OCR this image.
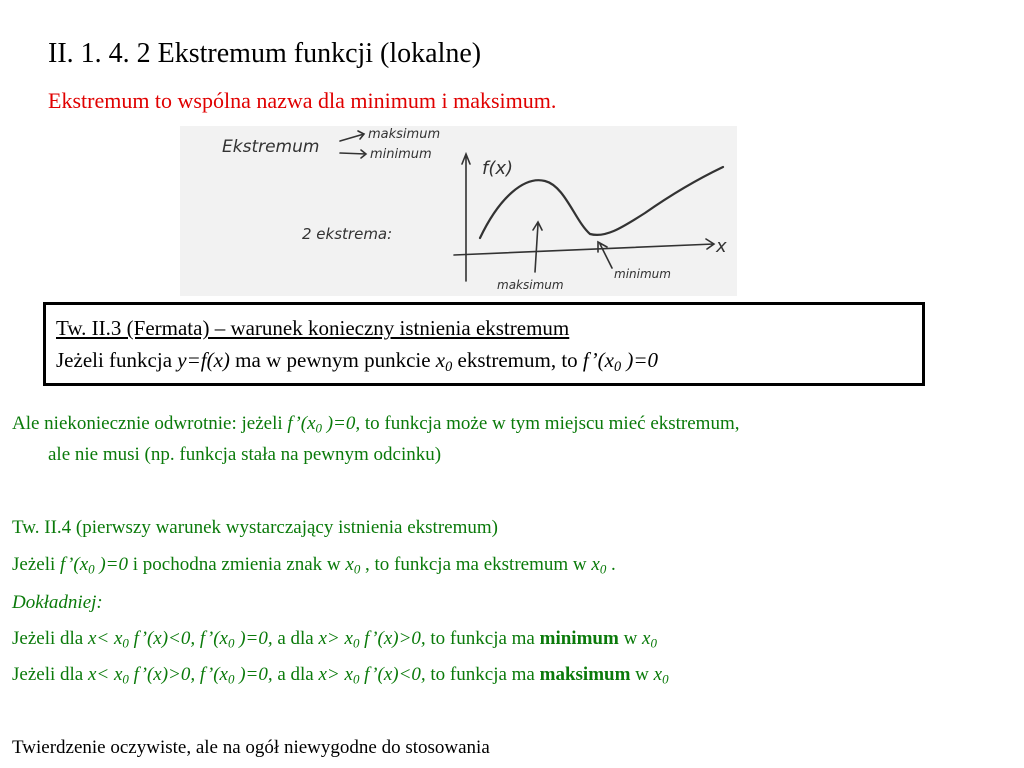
II. 1. 4. 2 Ekstremum funkcji (lokalne)
Ekstremum to wspólna nazwa dla minimum i maksimum.
Ekstremum
maksimum
minimum
f(x)
2 ekstrema:
x
maksimum
minimum
Tw. II.3 (Fermata) – warunek konieczny istnienia ekstremum
Jeżeli funkcja y=f(x) ma w pewnym punkcie $x_0$ ekstremum, to $f’(x_0$ )=0
Ale niekoniecznie odwrotnie: jeżeli $f’(x_0$ )=0, to funkcja może w tym miejscu mieć ekstremum,
ale nie musi (np. funkcja stała na pewnym odcinku)
Tw. II.4 (pierwszy warunek wystarczający istnienia ekstremum)
Jeżeli $f’(x_0$ )=0 i pochodna zmienia znak w $x_0$ , to funkcja ma ekstremum w $x_0$ .
Dokładniej:
Jeżeli dla $x< x_0$ f’(x)<0, $f’(x_0$ )=0, a dla $x> x_0$ f’(x)>0, to funkcja ma minimum w $x_0$
Jeżeli dla $x< x_0$ f’(x)>0, $f’(x_0$ )=0, a dla $x> x_0$ f’(x)<0, to funkcja ma maksimum w $x_0$
Twierdzenie oczywiste, ale na ogół niewygodne do stosowania
